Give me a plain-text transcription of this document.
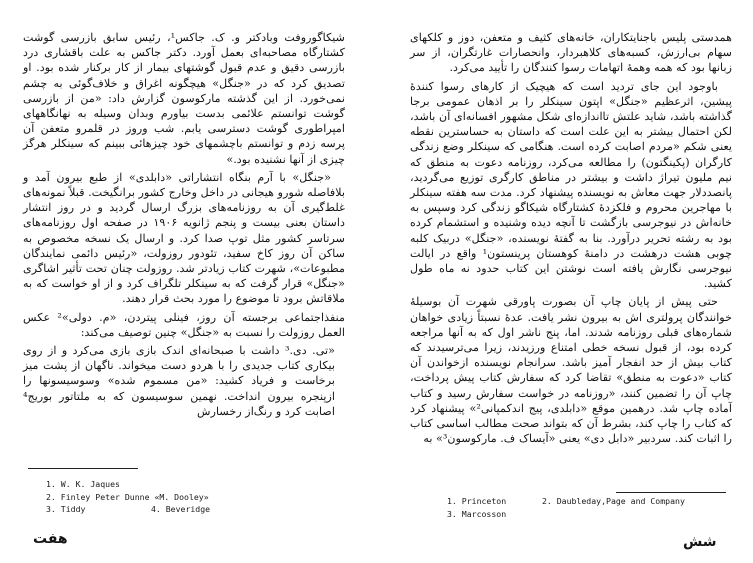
شیکاگوروفت وبادکتر و. ک. جاکس¹، رئیس سابق بازرسی گوشت کشتارگاه مصاحبه‌ای بعمل آورد. دکتر جاکس به علت باقشاری درد بازرسی دقیق و عدم قبول گوشتهای بیمار از کار برکنار شده بود. او تصدیق کرد که در «جنگل» هیچگونه اغراق و خلاف‌گوئی به چشم نمی‌خورد. از این گذشته مارکوسون گزارش داد: «من از بازرسی گوشت توانستم علائمی بدست بیاورم وبدان وسیله به نهانگاههای امپراطوری گوشت دسترسی یابم. شب وروز در قلمرو متعفن آن پرسه زدم و توانستم باچشمهای خود چیزهائی ببینم که سینکلر هرگز چیزی از آنها نشنیده بود.»

«جنگل» با آرم بنگاه انتشاراتی «دابلدی» از طبع بیرون آمد و بلافاصله شورو هیجانی در داخل وخارج کشور برانگیخت. قبلاً نمونه‌های غلط‌گیری آن به روزنامه‌های بزرگ ارسال گردید و در روز انتشار داستان بعنی بیست و پنجم ژانویه ۱۹۰۶ در صفحه اول روزنامه‌های سرتاسر کشور مثل توپ صدا کرد. و ارسال یک نسخه مخصوص به ساکن آن روز کاخ سفید، تئودور روزولت، «رئیس دائمی نمایندگان مطبوعات»، شهرت کتاب زیادتر شد. روزولت چنان تحت تأثیر اشاگری «جنگل» قرار گرفت که به سینکلر تلگراف کرد و از او خواست که به ملاقاتش برود تا موضوع را مورد بحث قرار دهند.

منفذاجتماعی برجسته آن روز، فینلی پیتردن، «م. دولی»² عکس العمل روزولت را نسبت به «جنگل» چنین توصیف می‌کند:

«تی. دی.³ داشت با صبحانه‌ای اندک بازی بازی می‌کرد و از روی بیکاری کتاب جدیدی را با هردو دست میخواند. ناگهان از پشت میز برخاست و فریاد کشید: «من مسموم شده» وسوسیسونها را ازپنجره بیرون انداخت. نهمین سوسیسون که به ملتاتور بوریج⁴ اصابت کرد و رنگ‌از رخسارش

همدستی پلیس باجنایتکاران، خانه‌های کثیف و متعفن، دوز و کلکهای سهام بی‌ارزش، کسبه‌های کلاهبردار، وانحصارات غارتگران، از سر زبانها بود که همه وهمهٔ اتهامات رسوا کنندگان را تأیید می‌کرد.

باوجود این جای تردید است که هیچیک از کارهای رسوا کنندهٔ پیشین، اثرعظیم «جنگل» اپتون سینکلر را بر اذهان عمومی برجا گذاشته باشد، شاید علتش تااندازه‌ای شکل مشهور افسانه‌ای آن باشد، لکن احتمال بیشتر به این علت است که داستان به حساسترین نقطه یعنی شکم «مردم اصابت کرده است. هنگامی که سینکلر وضع زندگی کارگران (پکینگتون) را مطالعه می‌کرد، روزنامه دعوت به منطق که نیم ملیون تیراژ داشت و بیشتر در مناطق کارگری توزیع می‌گردید، پانصددلار جهت معاش به نویسنده پیشنهاد کرد. مدت سه هفته سینکلر با مهاجرین محروم و فلکزدهٔ کشتارگاه شیکاگو زندگی کرد وسپس به خانه‌اش در نیوجرسی بازگشت تا آنچه دیده وشنیده و استشمام کرده بود به رشته تحریر درآورد. بنا به گفتهٔ نویسنده، «جنگل» دربیک کلبه چوبی هشت درهشت در دامنهٔ کوهستان پرینستون¹ واقع در ایالت نیوجرسی نگارش یافته است نوشتن این کتاب حدود نه ماه طول کشید.

حتی پیش از پایان چاپ آن بصورت پاورقی شهرت آن بوسیلهٔ خوانندگان پرولتری اش به بیرون نشر یافت. عدهٔ نسبتاً زیادی خواهان شماره‌های قبلی روزنامه شدند. اما، پنج ناشر اول که به آنها مراجعه کرده بود، از قبول نسخه خطی امتناع ورزیدند، زیرا می‌ترسیدند که کتاب بیش از حد انفجار آمیز باشد. سرانجام نویسنده ازخواندن آن کتاب «دعوت به منطق» تقاضا کرد که سفارش کتاب پیش پرداخت، چاپ آن را تضمین کنند، «روزنامه در خواست سفارش رسید و کتاب آماده چاپ شد. درهمین موقع «دابلدی، پیج اندکمپانی²» پیشنهاد کرد که کتاب را چاپ کند، بشرط آن که بتواند صحت مطالب اساسی کتاب را اثبات کند. سردبیر «دابل دی» یعنی «آیساک ف. مارکوسون³» به

1. W. K. Jaques
2. Finley Peter Dunne «M. Dooley»
3. Tiddy	4. Beveridge
1. Princeton	2. Daubleday,Page and Company
3. Marcosson
هفت	شش
